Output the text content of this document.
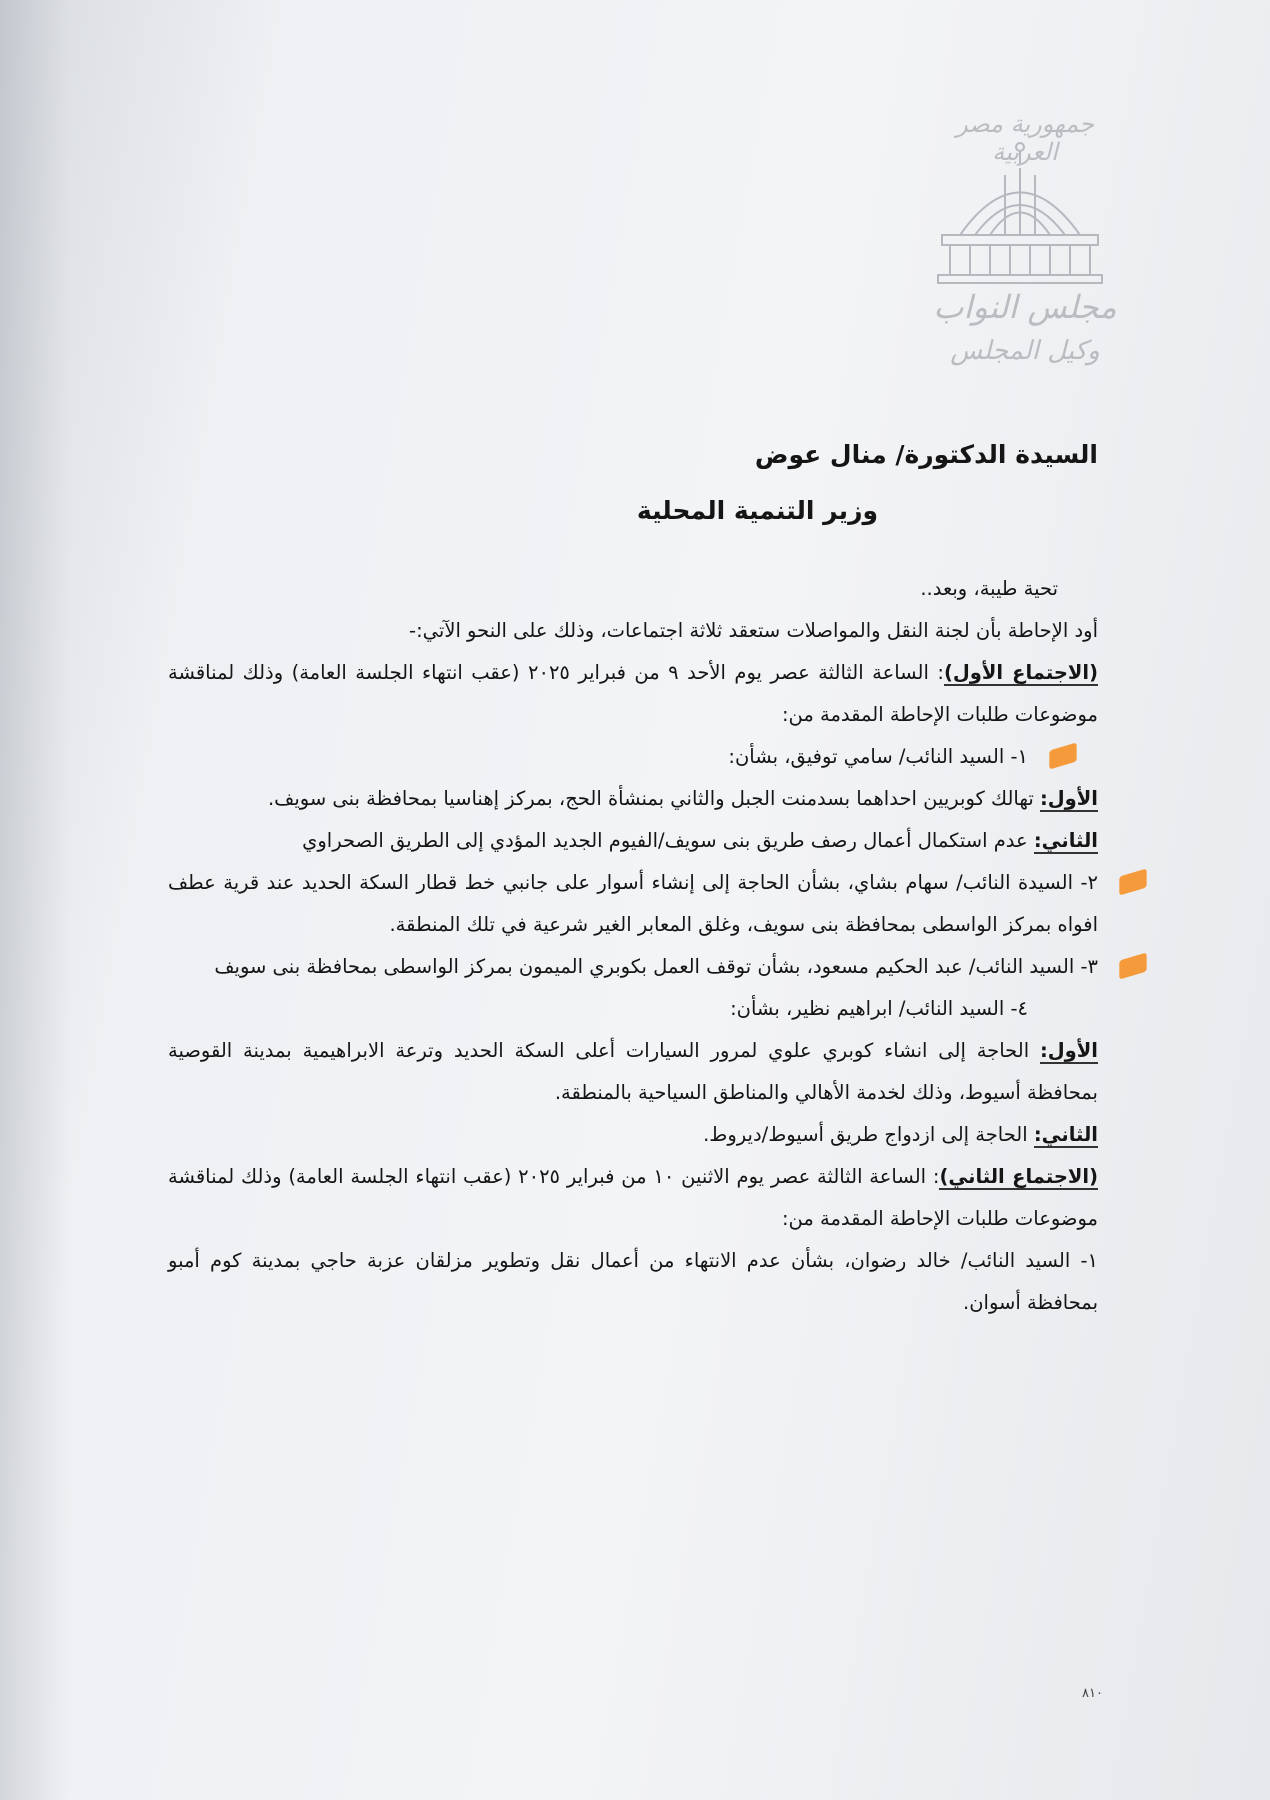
جمهورية مصر العربية
مجلس النواب
وكيل المجلس
السيدة الدكتورة/ منال عوض
وزير التنمية المحلية

تحية طيبة، وبعد..

أود الإحاطة بأن لجنة النقل والمواصلات ستعقد ثلاثة اجتماعات، وذلك على النحو الآتي:-

(الاجتماع الأول): الساعة الثالثة عصر يوم الأحد ٩ من فبراير ٢٠٢٥ (عقب انتهاء الجلسة العامة) وذلك لمناقشة موضوعات طلبات الإحاطة المقدمة من:

١- السيد النائب/ سامي توفيق، بشأن:

الأول: تهالك كوبريين احداهما بسدمنت الجبل والثاني بمنشأة الحج، بمركز إهناسيا بمحافظة بنى سويف.

الثاني: عدم استكمال أعمال رصف طريق بنى سويف/الفيوم الجديد المؤدي إلى الطريق الصحراوي

٢- السيدة النائب/ سهام بشاي، بشأن الحاجة إلى إنشاء أسوار على جانبي خط قطار السكة الحديد عند قرية عطف افواه بمركز الواسطى بمحافظة بنى سويف، وغلق المعابر الغير شرعية في تلك المنطقة.

٣- السيد النائب/ عبد الحكيم مسعود، بشأن توقف العمل بكوبري الميمون بمركز الواسطى بمحافظة بنى سويف

٤- السيد النائب/ ابراهيم نظير، بشأن:

الأول: الحاجة إلى انشاء كوبري علوي لمرور السيارات أعلى السكة الحديد وترعة الابراهيمية بمدينة القوصية بمحافظة أسيوط، وذلك لخدمة الأهالي والمناطق السياحية بالمنطقة.

الثاني: الحاجة إلى ازدواج طريق أسيوط/ديروط.

(الاجتماع الثاني): الساعة الثالثة عصر يوم الاثنين ١٠ من فبراير ٢٠٢٥ (عقب انتهاء الجلسة العامة) وذلك لمناقشة موضوعات طلبات الإحاطة المقدمة من:

١- السيد النائب/ خالد رضوان، بشأن عدم الانتهاء من أعمال نقل وتطوير مزلقان عزبة حاجي بمدينة كوم أمبو بمحافظة أسوان.

٨١٠
